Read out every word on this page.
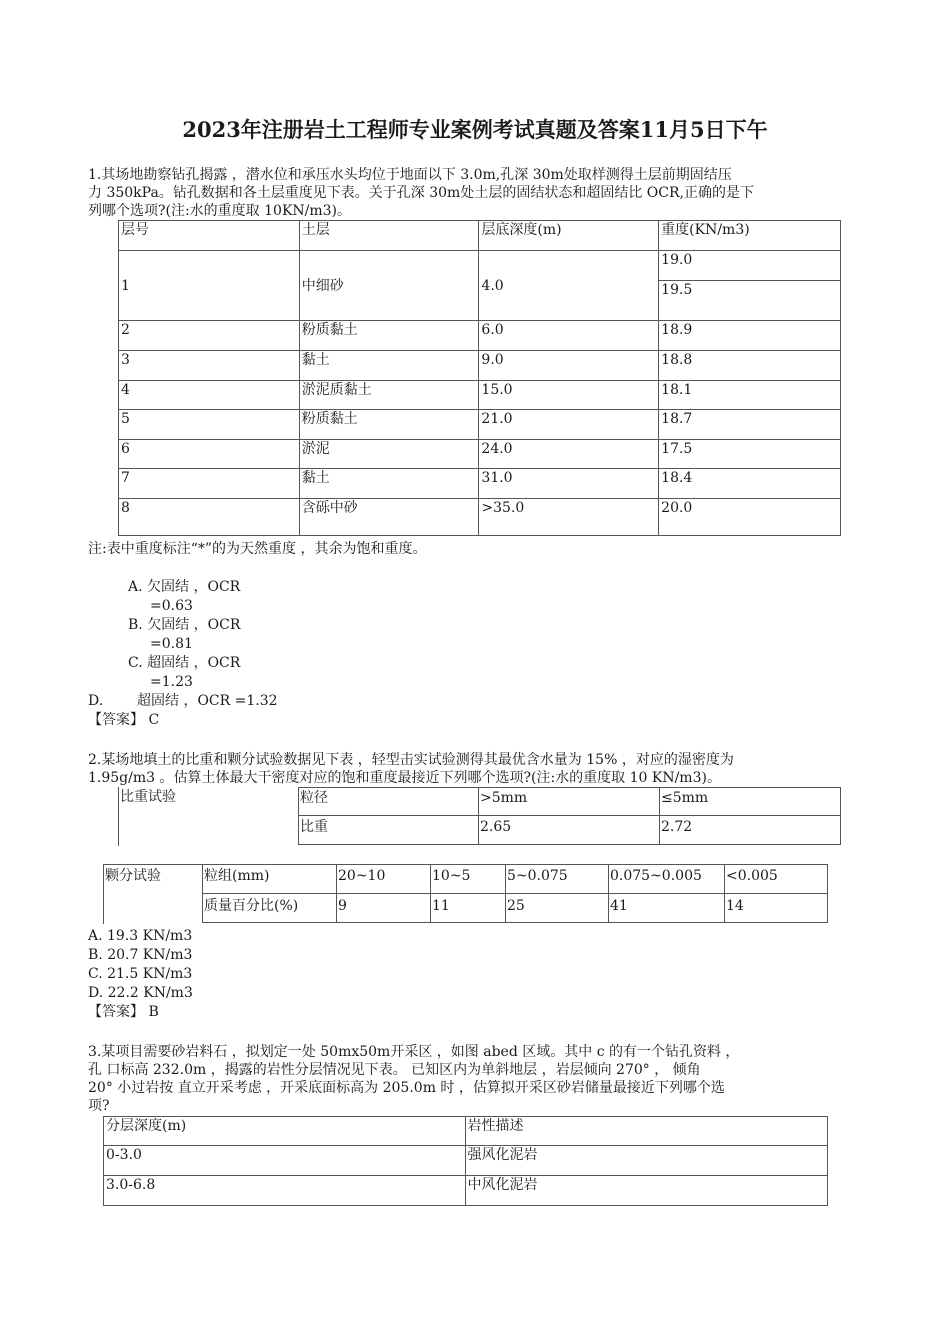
2023年注册岩土工程师专业案例考试真题及答案11月5日下午
1.其场地勘察钻孔揭露 ，潜水位和承压水头均位于地面以下 3.0m,孔深 30m处取样测得土层前期固结压
力 350kPa。钻孔数据和各土层重度见下表。关于孔深 30m处土层的固结状态和超固结比 OCR,正确的是下
列哪个选项?(注:水的重度取 10KN/m3)。
层号	土层	层底深度(m)	重度(KN/m3)
1	中细砂	4.0	19.0
			19.5
2	粉质黏土	6.0	18.9
3	黏土	9.0	18.8
4	淤泥质黏土	15.0	18.1
5	粉质黏土	21.0	18.7
6	淤泥	24.0	17.5
7	黏土	31.0	18.4
8	含砾中砂	>35.0	20.0
注:表中重度标注“*”的为天然重度 ，其余为饱和重度。
A. 欠固结 ，OCR
=0.63
B. 欠固结 ，OCR
=0.81
C. 超固结 ，OCR
=1.23
D. 超固结 ，OCR =1.32
【答案】 C
2.某场地填土的比重和颗分试验数据见下表 ，轻型击实试验测得其最优含水量为 15% ，对应的湿密度为
1.95g/m3 。估算土体最大干密度对应的饱和重度最接近下列哪个选项?(注:水的重度取 10 KN/m3)。
比重试验	粒径	>5mm	≤5mm
比重	2.65	2.72
颗分试验	粒组(mm)	20~10	10~5	5~0.075	0.075~0.005 <0.005
质量百分比(%)	9	11	25	41	14
A. 19.3 KN/m3
B. 20.7 KN/m3
C. 21.5 KN/m3
D. 22.2 KN/m3
【答案】 B
3.某项目需要砂岩料石 ，拟划定一处 50mx50m开采区 ，如图 abed 区域。其中 c 的有一个钻孔资料 ，
孔 口标高 232.0m ，揭露的岩性分层情况见下表。 已知区内为单斜地层 ，岩层倾向 270° ， 倾角
20° 小过岩按 直立开采考虑 ，开采底面标高为 205.0m 时 ，估算拟开采区砂岩储量最接近下列哪个选
项?
分层深度(m)	岩性描述
0-3.0	强风化泥岩
3.0-6.8	中风化泥岩
